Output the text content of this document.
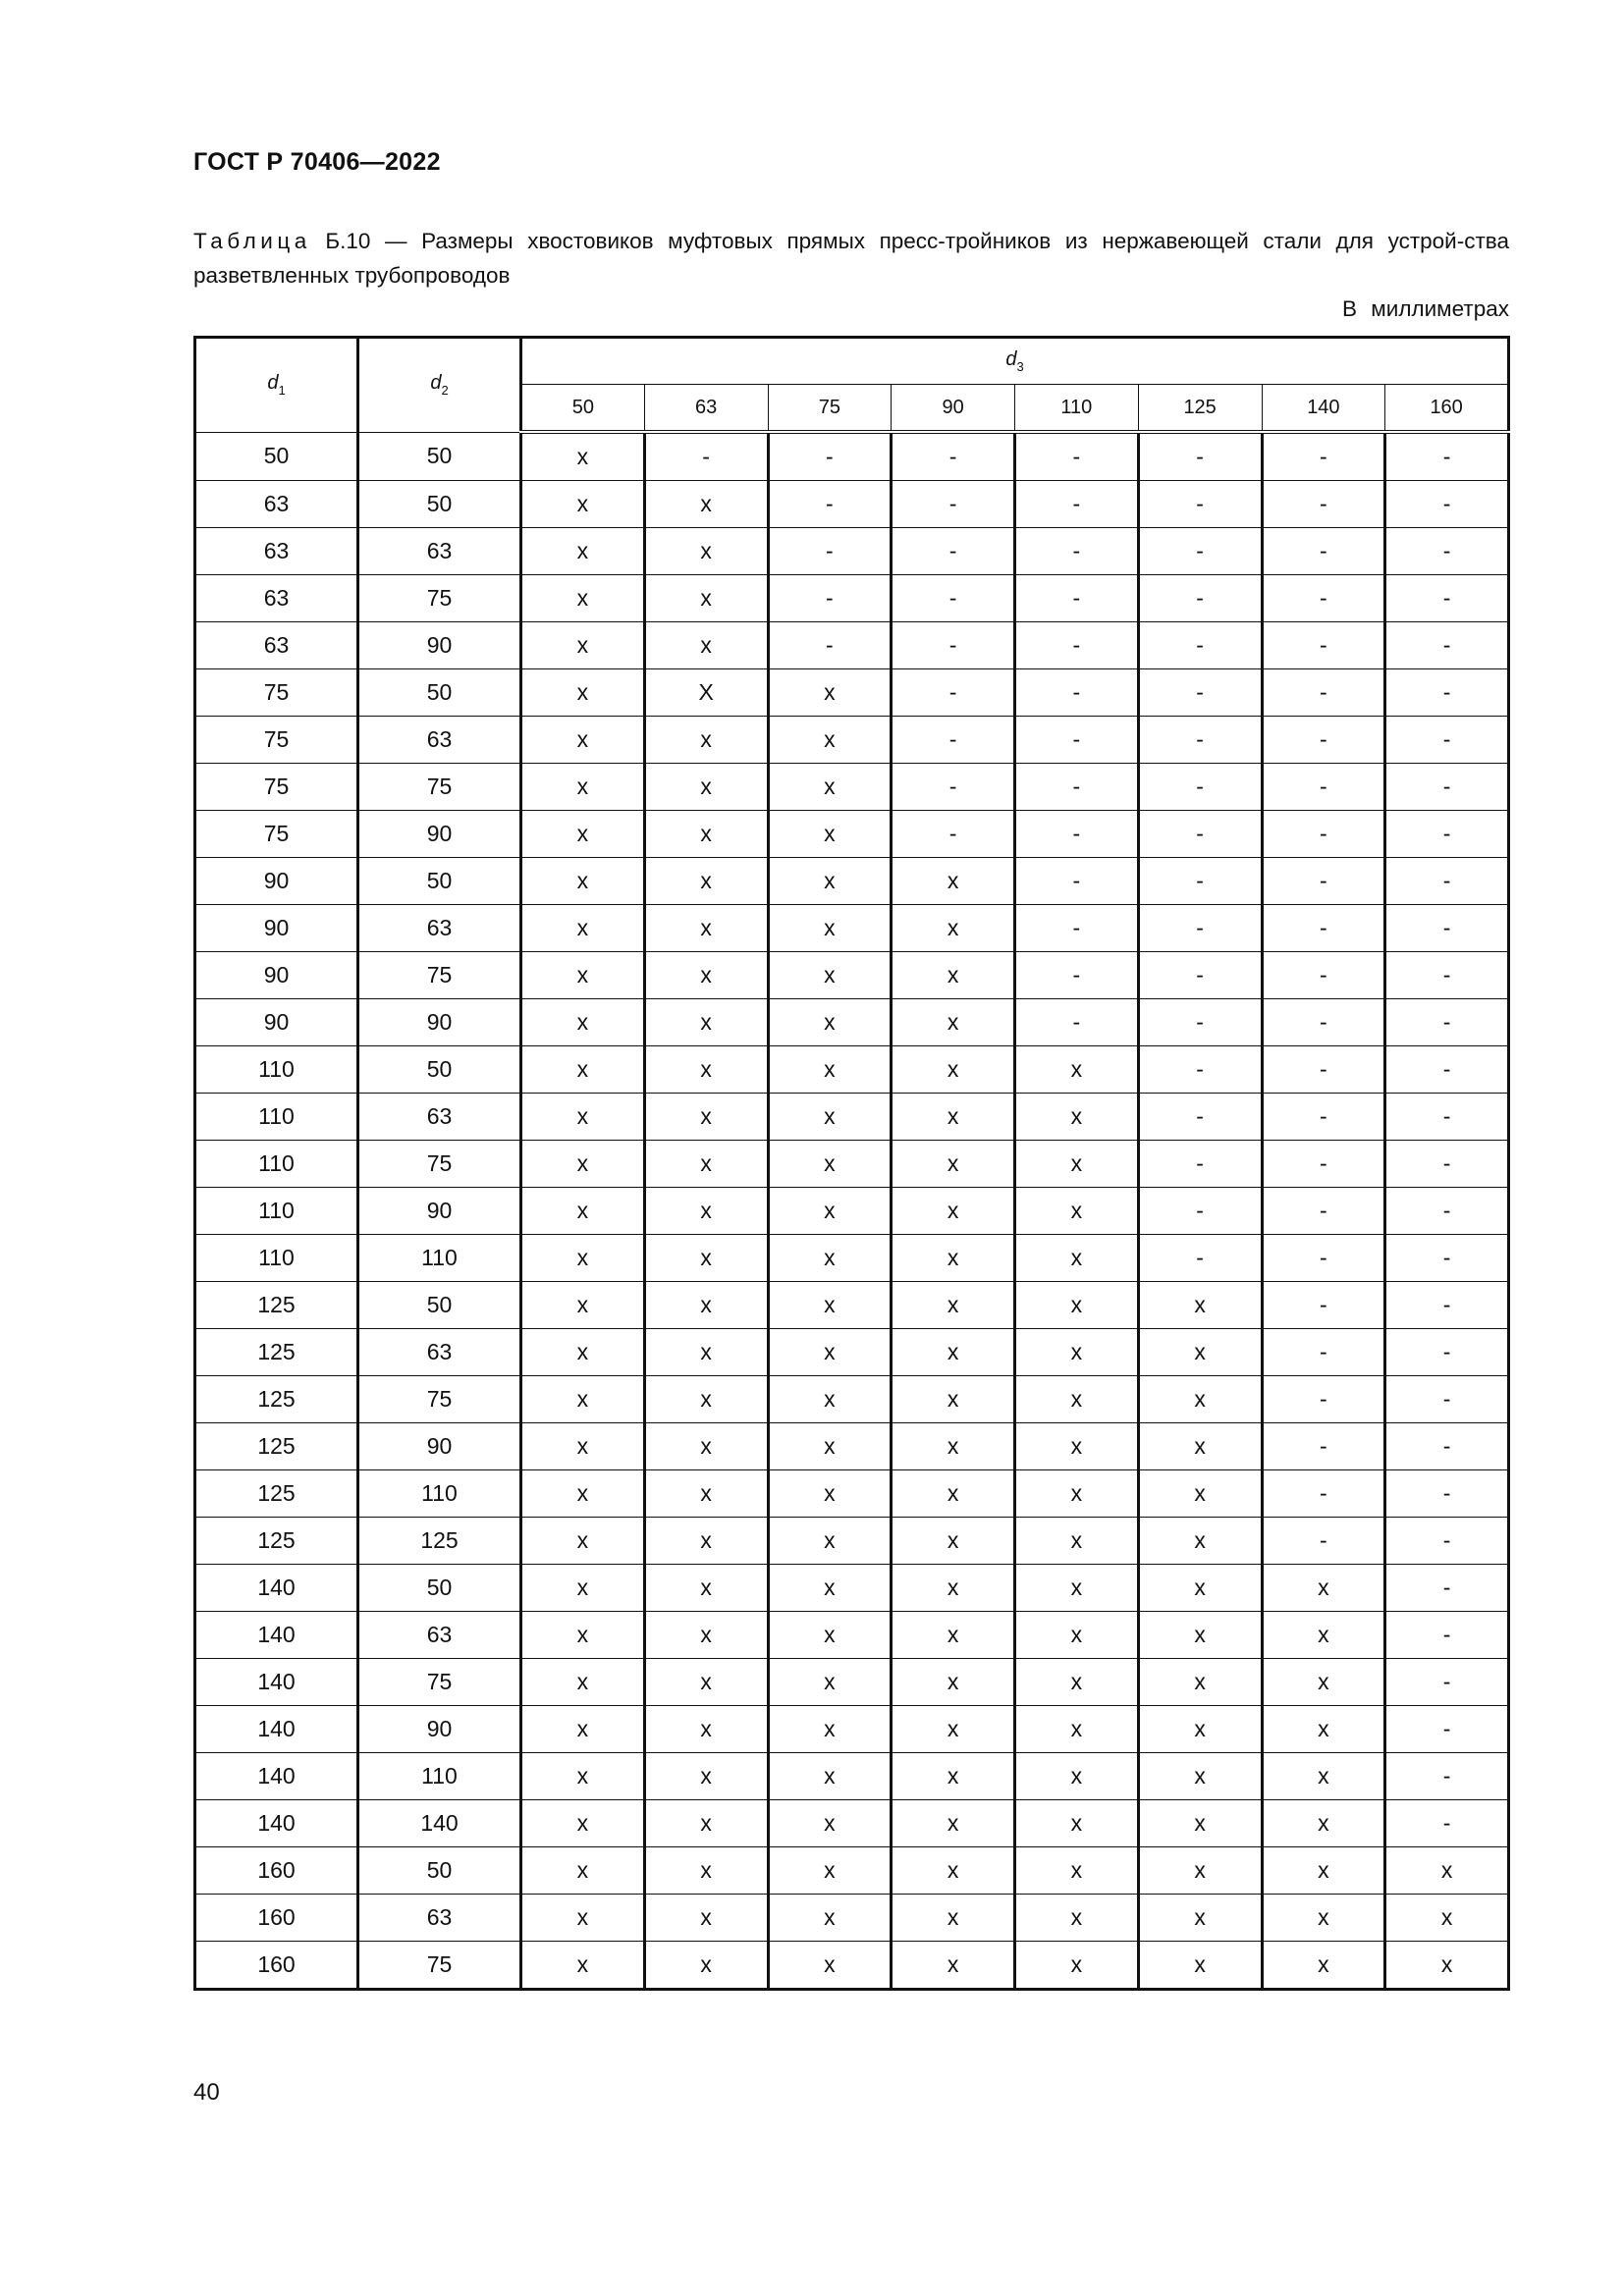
ГОСТ Р 70406—2022
Таблица Б.10 — Размеры хвостовиков муфтовых прямых пресс-тройников из нержавеющей стали для устрой-ства разветвленных трубопроводов
В миллиметрах
$d_1$	$d_2$	$d_3$
		50	63	75	90	110	125	140	160
50	50	x	-	-	-	-	-	-	-
63	50	x	x	-	-	-	-	-	-
63	63	x	x	-	-	-	-	-	-
63	75	x	x	-	-	-	-	-	-
63	90	x	x	-	-	-	-	-	-
75	50	x	X	x	-	-	-	-	-
75	63	x	x	x	-	-	-	-	-
75	75	x	x	x	-	-	-	-	-
75	90	x	x	x	-	-	-	-	-
90	50	x	x	x	x	-	-	-	-
90	63	x	x	x	x	-	-	-	-
90	75	x	x	x	x	-	-	-	-
90	90	x	x	x	x	-	-	-	-
110	50	x	x	x	x	x	-	-	-
110	63	x	x	x	x	x	-	-	-
110	75	x	x	x	x	x	-	-	-
110	90	x	x	x	x	x	-	-	-
110	110	x	x	x	x	x	-	-	-
125	50	x	x	x	x	x	x	-	-
125	63	x	x	x	x	x	x	-	-
125	75	x	x	x	x	x	x	-	-
125	90	x	x	x	x	x	x	-	-
125	110	x	x	x	x	x	x	-	-
125	125	x	x	x	x	x	x	-	-
140	50	x	x	x	x	x	x	x	-
140	63	x	x	x	x	x	x	x	-
140	75	x	x	x	x	x	x	x	-
140	90	x	x	x	x	x	x	x	-
140	110	x	x	x	x	x	x	x	-
140	140	x	x	x	x	x	x	x	-
160	50	x	x	x	x	x	x	x	x
160	63	x	x	x	x	x	x	x	x
160	75	x	x	x	x	x	x	x	x
40
